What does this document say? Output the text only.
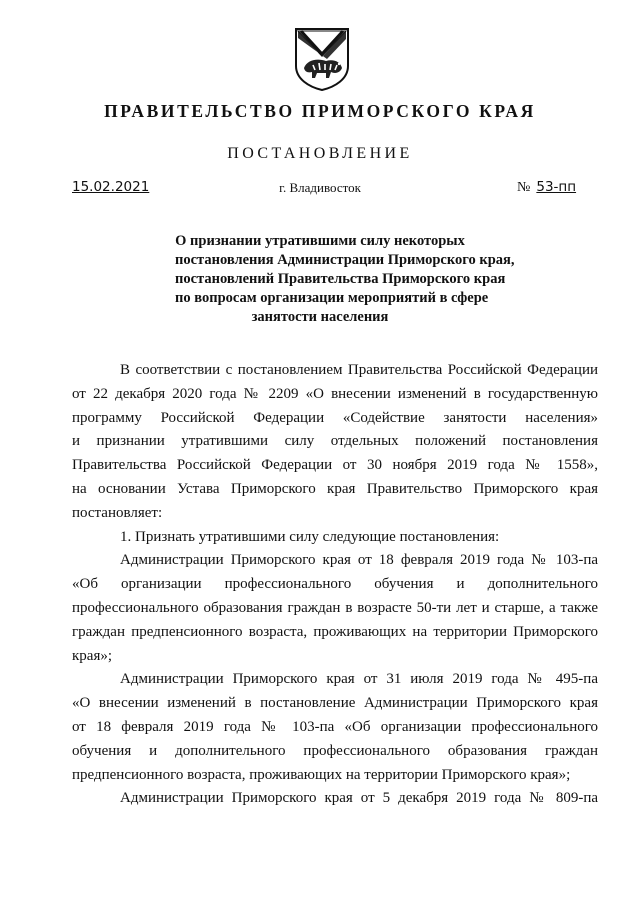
ПРАВИТЕЛЬСТВО ПРИМОРСКОГО КРАЯ
ПОСТАНОВЛЕНИЕ
15.02.2021	г. Владивосток	№ 53-пп
О признании утратившими силу некоторых
постановления Администрации Приморского края,
постановлений Правительства Приморского края
по вопросам организации мероприятий в сфере
занятости населения
В соответствии с постановлением Правительства Российской Федерации
от 22 декабря 2020 года № 2209 «О внесении изменений в государственную
программу Российской Федерации «Содействие занятости населения»
и признании утратившими силу отдельных положений постановления
Правительства Российской Федерации от 30 ноября 2019 года № 1558»,
на основании Устава Приморского края Правительство Приморского края
постановляет:
1. Признать утратившими силу следующие постановления:
Администрации Приморского края от 18 февраля 2019 года № 103-па
«Об организации профессионального обучения и дополнительного
профессионального образования граждан в возрасте 50-ти лет и старше, а также
граждан предпенсионного возраста, проживающих на территории Приморского
края»;
Администрации Приморского края от 31 июля 2019 года № 495-па
«О внесении изменений в постановление Администрации Приморского края
от 18 февраля 2019 года № 103-па «Об организации профессионального
обучения и дополнительного профессионального образования граждан
предпенсионного возраста, проживающих на территории Приморского края»;
Администрации Приморского края от 5 декабря 2019 года № 809-па
